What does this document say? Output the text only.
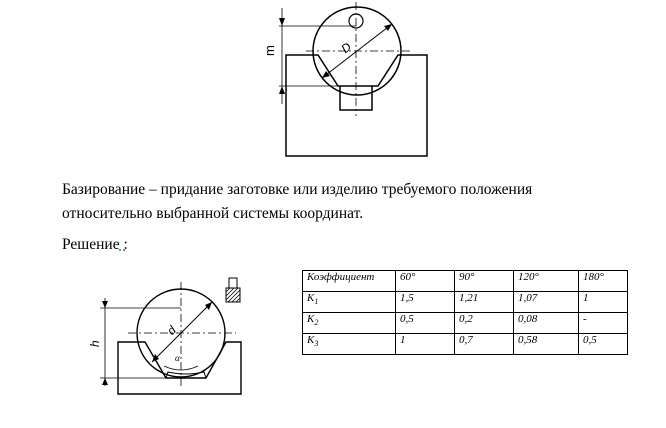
D
m

Базирование – придание заготовке или изделию требуемого положения
относительно выбранной системы координат.

Решение :
d
α
h
Коэффициент	60°	90°	120°	180°
$K_1$	1,5	1,21	1,07	1
$K_2$	0,5	0,2	0,08	-
$K_3$	1	0,7	0,58	0,5
